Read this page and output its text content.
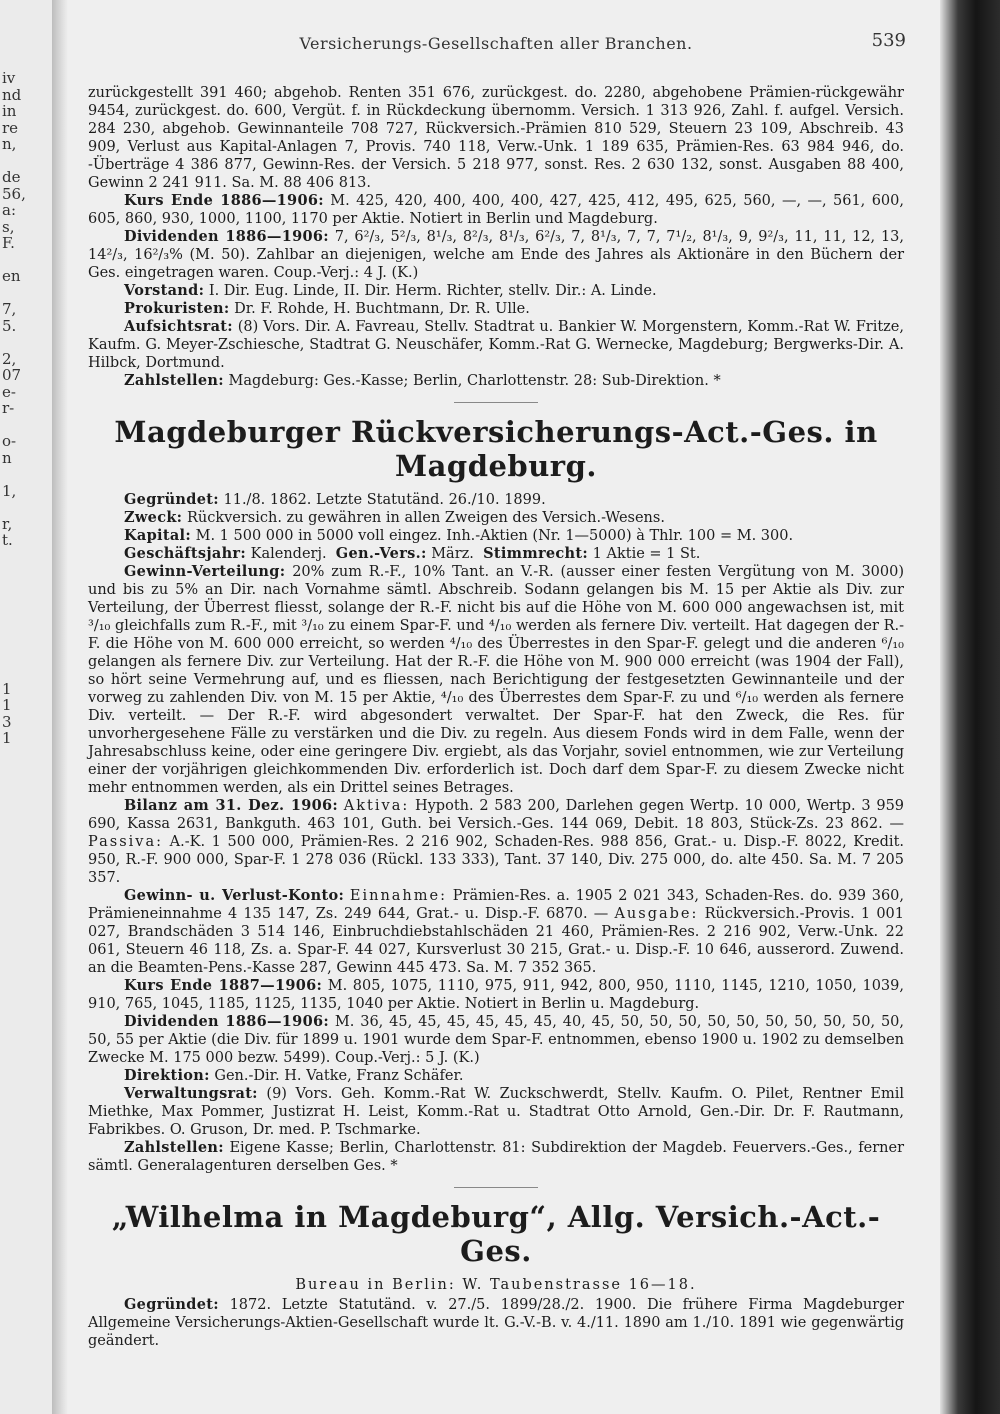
iv
nd
in
re
n,
de
56,
a:
s,
F.
en
7,
5.
2,
07
e-
r-
o-
n
1,
r,
t.
1
1
3
1
Versicherungs-Gesellschaften aller Branchen.	539

zurückgestellt 391 460; abgehob. Renten 351 676, zurückgest. do. 2280, abgehobene Prämien-rückgewähr 9454, zurückgest. do. 600, Vergüt. f. in Rückdeckung übernomm. Versich. 1 313 926, Zahl. f. aufgel. Versich. 284 230, abgehob. Gewinnanteile 708 727, Rückversich.-Prämien 810 529, Steuern 23 109, Abschreib. 43 909, Verlust aus Kapital-Anlagen 7, Provis. 740 118, Verw.-Unk. 1 189 635, Prämien-Res. 63 984 946, do. -Überträge 4 386 877, Gewinn-Res. der Versich. 5 218 977, sonst. Res. 2 630 132, sonst. Ausgaben 88 400, Gewinn 2 241 911. Sa. M. 88 406 813.

Kurs Ende 1886—1906: M. 425, 420, 400, 400, 400, 427, 425, 412, 495, 625, 560, —, —, 561, 600, 605, 860, 930, 1000, 1100, 1170 per Aktie. Notiert in Berlin und Magdeburg.

Dividenden 1886—1906: 7, 6²/₃, 5²/₃, 8¹/₃, 8²/₃, 8¹/₃, 6²/₃, 7, 8¹/₃, 7, 7, 7¹/₂, 8¹/₃, 9, 9²/₃, 11, 11, 12, 13, 14²/₃, 16²/₃% (M. 50). Zahlbar an diejenigen, welche am Ende des Jahres als Aktionäre in den Büchern der Ges. eingetragen waren. Coup.-Verj.: 4 J. (K.)

Vorstand: I. Dir. Eug. Linde, II. Dir. Herm. Richter, stellv. Dir.: A. Linde.

Prokuristen: Dr. F. Rohde, H. Buchtmann, Dr. R. Ulle.

Aufsichtsrat: (8) Vors. Dir. A. Favreau, Stellv. Stadtrat u. Bankier W. Morgenstern, Komm.-Rat W. Fritze, Kaufm. G. Meyer-Zschiesche, Stadtrat G. Neuschäfer, Komm.-Rat G. Wernecke, Magdeburg; Bergwerks-Dir. A. Hilbck, Dortmund.

Zahlstellen: Magdeburg: Ges.-Kasse; Berlin, Charlottenstr. 28: Sub-Direktion. *

Magdeburger Rückversicherungs-Act.-Ges. in Magdeburg.

Gegründet: 11./8. 1862. Letzte Statutänd. 26./10. 1899.

Zweck: Rückversich. zu gewähren in allen Zweigen des Versich.-Wesens.

Kapital: M. 1 500 000 in 5000 voll eingez. Inh.-Aktien (Nr. 1—5000) à Thlr. 100 = M. 300.

Geschäftsjahr: Kalenderj. Gen.-Vers.: März. Stimmrecht: 1 Aktie = 1 St.

Gewinn-Verteilung: 20% zum R.-F., 10% Tant. an V.-R. (ausser einer festen Vergütung von M. 3000) und bis zu 5% an Dir. nach Vornahme sämtl. Abschreib. Sodann gelangen bis M. 15 per Aktie als Div. zur Verteilung, der Überrest fliesst, solange der R.-F. nicht bis auf die Höhe von M. 600 000 angewachsen ist, mit ³/₁₀ gleichfalls zum R.-F., mit ³/₁₀ zu einem Spar-F. und ⁴/₁₀ werden als fernere Div. verteilt. Hat dagegen der R.-F. die Höhe von M. 600 000 erreicht, so werden ⁴/₁₀ des Überrestes in den Spar-F. gelegt und die anderen ⁶/₁₀ gelangen als fernere Div. zur Verteilung. Hat der R.-F. die Höhe von M. 900 000 erreicht (was 1904 der Fall), so hört seine Vermehrung auf, und es fliessen, nach Berichtigung der festgesetzten Gewinnanteile und der vorweg zu zahlenden Div. von M. 15 per Aktie, ⁴/₁₀ des Überrestes dem Spar-F. zu und ⁶/₁₀ werden als fernere Div. verteilt. — Der R.-F. wird abgesondert verwaltet. Der Spar-F. hat den Zweck, die Res. für unvorhergesehene Fälle zu verstärken und die Div. zu regeln. Aus diesem Fonds wird in dem Falle, wenn der Jahresabschluss keine, oder eine geringere Div. ergiebt, als das Vorjahr, soviel entnommen, wie zur Verteilung einer der vorjährigen gleichkommenden Div. erforderlich ist. Doch darf dem Spar-F. zu diesem Zwecke nicht mehr entnommen werden, als ein Drittel seines Betrages.

Bilanz am 31. Dez. 1906: Aktiva: Hypoth. 2 583 200, Darlehen gegen Wertp. 10 000, Wertp. 3 959 690, Kassa 2631, Bankguth. 463 101, Guth. bei Versich.-Ges. 144 069, Debit. 18 803, Stück-Zs. 23 862. — Passiva: A.-K. 1 500 000, Prämien-Res. 2 216 902, Schaden-Res. 988 856, Grat.- u. Disp.-F. 8022, Kredit. 950, R.-F. 900 000, Spar-F. 1 278 036 (Rückl. 133 333), Tant. 37 140, Div. 275 000, do. alte 450. Sa. M. 7 205 357.

Gewinn- u. Verlust-Konto: Einnahme: Prämien-Res. a. 1905 2 021 343, Schaden-Res. do. 939 360, Prämieneinnahme 4 135 147, Zs. 249 644, Grat.- u. Disp.-F. 6870. — Ausgabe: Rückversich.-Provis. 1 001 027, Brandschäden 3 514 146, Einbruchdiebstahlschäden 21 460, Prämien-Res. 2 216 902, Verw.-Unk. 22 061, Steuern 46 118, Zs. a. Spar-F. 44 027, Kursverlust 30 215, Grat.- u. Disp.-F. 10 646, ausserord. Zuwend. an die Beamten-Pens.-Kasse 287, Gewinn 445 473. Sa. M. 7 352 365.

Kurs Ende 1887—1906: M. 805, 1075, 1110, 975, 911, 942, 800, 950, 1110, 1145, 1210, 1050, 1039, 910, 765, 1045, 1185, 1125, 1135, 1040 per Aktie. Notiert in Berlin u. Magdeburg.

Dividenden 1886—1906: M. 36, 45, 45, 45, 45, 45, 45, 40, 45, 50, 50, 50, 50, 50, 50, 50, 50, 50, 50, 50, 55 per Aktie (die Div. für 1899 u. 1901 wurde dem Spar-F. entnommen, ebenso 1900 u. 1902 zu demselben Zwecke M. 175 000 bezw. 5499). Coup.-Verj.: 5 J. (K.)

Direktion: Gen.-Dir. H. Vatke, Franz Schäfer.

Verwaltungsrat: (9) Vors. Geh. Komm.-Rat W. Zuckschwerdt, Stellv. Kaufm. O. Pilet, Rentner Emil Miethke, Max Pommer, Justizrat H. Leist, Komm.-Rat u. Stadtrat Otto Arnold, Gen.-Dir. Dr. F. Rautmann, Fabrikbes. O. Gruson, Dr. med. P. Tschmarke.

Zahlstellen: Eigene Kasse; Berlin, Charlottenstr. 81: Subdirektion der Magdeb. Feuervers.-Ges., ferner sämtl. Generalagenturen derselben Ges. *

„Wilhelma in Magdeburg“, Allg. Versich.-Act.-Ges.
Bureau in Berlin: W. Taubenstrasse 16—18.

Gegründet: 1872. Letzte Statutänd. v. 27./5. 1899/28./2. 1900. Die frühere Firma Magdeburger Allgemeine Versicherungs-Aktien-Gesellschaft wurde lt. G.-V.-B. v. 4./11. 1890 am 1./10. 1891 wie gegenwärtig geändert.
